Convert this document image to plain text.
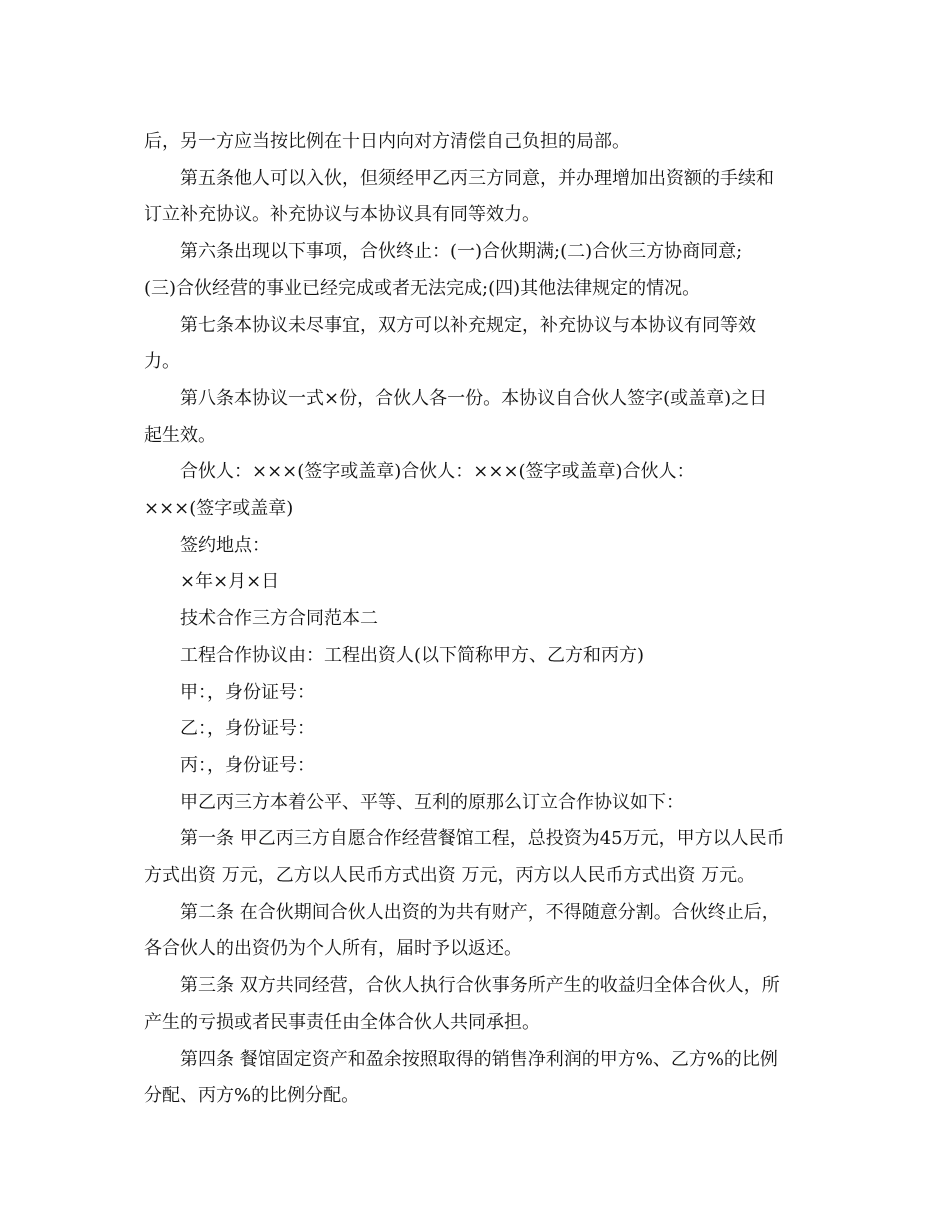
后，另一方应当按比例在十日内向对方清偿自己负担的局部。

第五条他人可以入伙，但须经甲乙丙三方同意，并办理增加出资额的手续和
订立补充协议。补充协议与本协议具有同等效力。

第六条出现以下事项，合伙终止：(一)合伙期满;(二)合伙三方协商同意;
(三)合伙经营的事业已经完成或者无法完成;(四)其他法律规定的情况。

第七条本协议未尽事宜，双方可以补充规定，补充协议与本协议有同等效
力。

第八条本协议一式×份，合伙人各一份。本协议自合伙人签字(或盖章)之日
起生效。

合伙人：×××(签字或盖章)合伙人：×××(签字或盖章)合伙人：
×××(签字或盖章)

签约地点：

×年×月×日

技术合作三方合同范本二

工程合作协议由：工程出资人(以下简称甲方、乙方和丙方)

甲：，身份证号：

乙：，身份证号：

丙：，身份证号：

甲乙丙三方本着公平、平等、互利的原那么订立合作协议如下：

第一条 甲乙丙三方自愿合作经营餐馆工程，总投资为45万元，甲方以人民币
方式出资 万元，乙方以人民币方式出资 万元，丙方以人民币方式出资 万元。

第二条 在合伙期间合伙人出资的为共有财产，不得随意分割。合伙终止后，
各合伙人的出资仍为个人所有，届时予以返还。

第三条 双方共同经营，合伙人执行合伙事务所产生的收益归全体合伙人，所
产生的亏损或者民事责任由全体合伙人共同承担。

第四条 餐馆固定资产和盈余按照取得的销售净利润的甲方%、乙方%的比例
分配、丙方%的比例分配。
